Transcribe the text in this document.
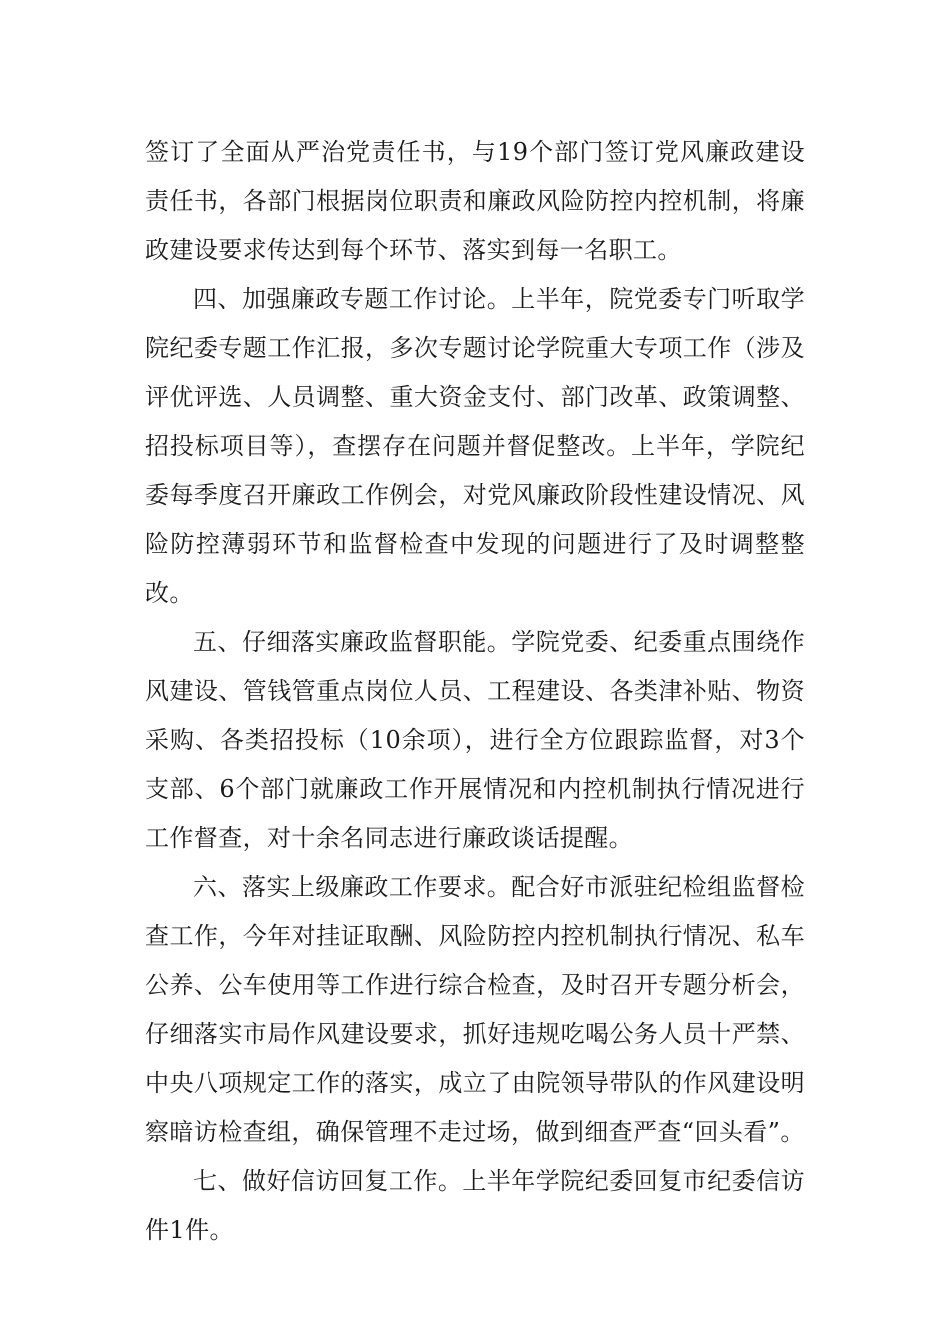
签订了全面从严治党责任书，与19个部门签订党风廉政建设责任书，各部门根据岗位职责和廉政风险防控内控机制，将廉政建设要求传达到每个环节、落实到每一名职工。

四、加强廉政专题工作讨论。上半年，院党委专门听取学院纪委专题工作汇报，多次专题讨论学院重大专项工作（涉及评优评选、人员调整、重大资金支付、部门改革、政策调整、招投标项目等），查摆存在问题并督促整改。上半年，学院纪委每季度召开廉政工作例会，对党风廉政阶段性建设情况、风险防控薄弱环节和监督检查中发现的问题进行了及时调整整改。

五、仔细落实廉政监督职能。学院党委、纪委重点围绕作风建设、管钱管重点岗位人员、工程建设、各类津补贴、物资采购、各类招投标（10余项），进行全方位跟踪监督，对3个支部、6个部门就廉政工作开展情况和内控机制执行情况进行工作督查，对十余名同志进行廉政谈话提醒。

六、落实上级廉政工作要求。配合好市派驻纪检组监督检查工作，今年对挂证取酬、风险防控内控机制执行情况、私车公养、公车使用等工作进行综合检查，及时召开专题分析会，仔细落实市局作风建设要求，抓好违规吃喝公务人员十严禁、中央八项规定工作的落实，成立了由院领导带队的作风建设明察暗访检查组，确保管理不走过场，做到细查严查“回头看”。

七、做好信访回复工作。上半年学院纪委回复市纪委信访件1件。
